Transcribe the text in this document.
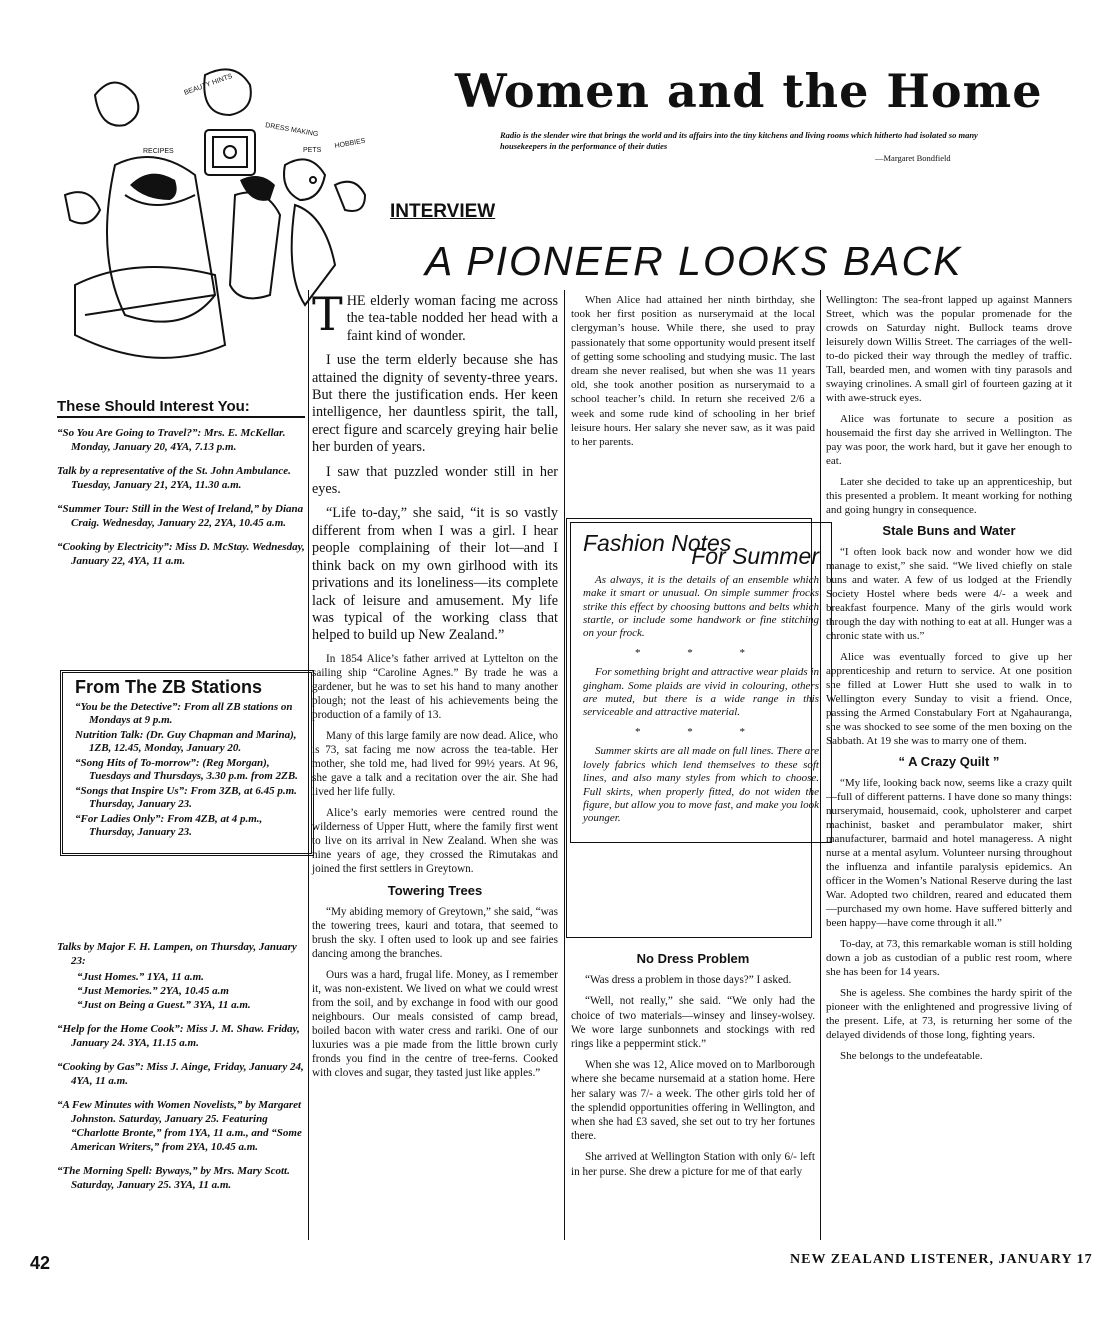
BEAUTY HINTS
RECIPES
DRESS MAKING
PETS
HOBBIES
Women and the Home
Radio is the slender wire that brings the world and its affairs into the tiny kitchens and living rooms which hitherto had isolated so many housekeepers in the performance of their duties
—Margaret Bondfield
INTERVIEW
A PIONEER LOOKS BACK
These Should Interest You:
“So You Are Going to Travel?”: Mrs. E. McKellar. Monday, January 20, 4YA, 7.13 p.m.
Talk by a representative of the St. John Ambulance. Tuesday, January 21, 2YA, 11.30 a.m.
“Summer Tour: Still in the West of Ireland,” by Diana Craig. Wednesday, January 22, 2YA, 10.45 a.m.
“Cooking by Electricity”: Miss D. McStay. Wednesday, January 22, 4YA, 11 a.m.
From The ZB Stations
“You be the Detective”: From all ZB stations on Mondays at 9 p.m.
Nutrition Talk: (Dr. Guy Chapman and Marina), 1ZB, 12.45, Monday, January 20.
“Song Hits of To-morrow”: (Reg Morgan), Tuesdays and Thursdays, 3.30 p.m. from 2ZB.
“Songs that Inspire Us”: From 3ZB, at 6.45 p.m. Thursday, January 23.
“For Ladies Only”: From 4ZB, at 4 p.m., Thursday, January 23.
Talks by Major F. H. Lampen, on Thursday, January 23:
“Just Homes.” 1YA, 11 a.m.
“Just Memories.” 2YA, 10.45 a.m
“Just on Being a Guest.” 3YA, 11 a.m.
“Help for the Home Cook”: Miss J. M. Shaw. Friday, January 24. 3YA, 11.15 a.m.
“Cooking by Gas”: Miss J. Ainge, Friday, January 24, 4YA, 11 a.m.
“A Few Minutes with Women Novelists,” by Margaret Johnston. Saturday, January 25. Featuring “Charlotte Bronte,” from 1YA, 11 a.m., and “Some American Writers,” from 2YA, 10.45 a.m.
“The Morning Spell: Byways,” by Mrs. Mary Scott. Saturday, January 25. 3YA, 11 a.m.

THE elderly woman facing me across the tea-table nodded her head with a faint kind of wonder.

I use the term elderly because she has attained the dignity of seventy-three years. But there the justification ends. Her keen intelligence, her dauntless spirit, the tall, erect figure and scarcely greying hair belie her burden of years.

I saw that puzzled wonder still in her eyes.

“Life to-day,” she said, “it is so vastly different from when I was a girl. I hear people complaining of their lot—and I think back on my own girlhood with its privations and its loneliness—its complete lack of leisure and amusement. My life was typical of the working class that helped to build up New Zealand.”

In 1854 Alice’s father arrived at Lyttelton on the sailing ship “Caroline Agnes.” By trade he was a gardener, but he was to set his hand to many another plough; not the least of his achievements being the production of a family of 13.

Many of this large family are now dead. Alice, who is 73, sat facing me now across the tea-table. Her mother, she told me, had lived for 99½ years. At 96, she gave a talk and a recitation over the air. She had lived her life fully.

Alice’s early memories were centred round the wilderness of Upper Hutt, where the family first went to live on its arrival in New Zealand. When she was nine years of age, they crossed the Rimutakas and joined the first settlers in Greytown.

Towering Trees

“My abiding memory of Greytown,” she said, “was the towering trees, kauri and totara, that seemed to brush the sky. I often used to look up and see fairies dancing among the branches.

Ours was a hard, frugal life. Money, as I remember it, was non-existent. We lived on what we could wrest from the soil, and by exchange in food with our good neighbours. Our meals consisted of camp bread, boiled bacon with water cress and rariki. One of our luxuries was a pie made from the little brown curly fronds you find in the centre of tree-ferns. Cooked with cloves and sugar, they tasted just like apples.”

When Alice had attained her ninth birthday, she took her first position as nurserymaid at the local clergyman’s house. While there, she used to pray passionately that some opportunity would present itself of getting some schooling and studying music. The last dream she never realised, but when she was 11 years old, she took another position as nurserymaid to a school teacher’s child. In return she received 2/6 a week and some rude kind of schooling in her brief leisure hours. Her salary she never saw, as it was paid to her parents.

Fashion Notes
For Summer

As always, it is the details of an ensemble which make it smart or unusual. On simple summer frocks strike this effect by choosing buttons and belts which startle, or include some handwork or fine stitching on your frock.

* * *

For something bright and attractive wear plaids in gingham. Some plaids are vivid in colouring, others are muted, but there is a wide range in this serviceable and attractive material.

* * *

Summer skirts are all made on full lines. There are lovely fabrics which lend themselves to these soft lines, and also many styles from which to choose. Full skirts, when properly fitted, do not widen the figure, but allow you to move fast, and make you look younger.

No Dress Problem

“Was dress a problem in those days?” I asked.

“Well, not really,” she said. “We only had the choice of two materials—winsey and linsey-wolsey. We wore large sunbonnets and stockings with red rings like a peppermint stick.”

When she was 12, Alice moved on to Marlborough where she became nursemaid at a station home. Here her salary was 7/- a week. The other girls told her of the splendid opportunities offering in Wellington, and when she had £3 saved, she set out to try her fortunes there.

She arrived at Wellington Station with only 6/- left in her purse. She drew a picture for me of that early

Wellington: The sea-front lapped up against Manners Street, which was the popular promenade for the crowds on Saturday night. Bullock teams drove leisurely down Willis Street. The carriages of the well-to-do picked their way through the medley of traffic. Tall, bearded men, and women with tiny parasols and swaying crinolines. A small girl of fourteen gazing at it with awe-struck eyes.

Alice was fortunate to secure a position as housemaid the first day she arrived in Wellington. The pay was poor, the work hard, but it gave her enough to eat.

Later she decided to take up an apprenticeship, but this presented a problem. It meant working for nothing and going hungry in consequence.

Stale Buns and Water

“I often look back now and wonder how we did manage to exist,” she said. “We lived chiefly on stale buns and water. A few of us lodged at the Friendly Society Hostel where beds were 4/- a week and breakfast fourpence. Many of the girls would work through the day with nothing to eat at all. Hunger was a chronic state with us.”

Alice was eventually forced to give up her apprenticeship and return to service. At one position she filled at Lower Hutt she used to walk in to Wellington every Sunday to visit a friend. Once, passing the Armed Constabulary Fort at Ngahauranga, she was shocked to see some of the men boxing on the Sabbath. At 19 she was to marry one of them.

“ A Crazy Quilt ”

“My life, looking back now, seems like a crazy quilt—full of different patterns. I have done so many things: nurserymaid, housemaid, cook, upholsterer and carpet machinist, basket and perambulator maker, shirt manufacturer, barmaid and hotel manageress. A night nurse at a mental asylum. Volunteer nursing throughout the influenza and infantile paralysis epidemics. An officer in the Women’s National Reserve during the last War. Adopted two children, reared and educated them—purchased my own home. Have suffered bitterly and been happy—have come through it all.”

To-day, at 73, this remarkable woman is still holding down a job as custodian of a public rest room, where she has been for 14 years.

She is ageless. She combines the hardy spirit of the pioneer with the enlightened and progressive living of the present. Life, at 73, is returning her some of the delayed dividends of those long, fighting years.

She belongs to the undefeatable.

42	NEW ZEALAND LISTENER, JANUARY 17
